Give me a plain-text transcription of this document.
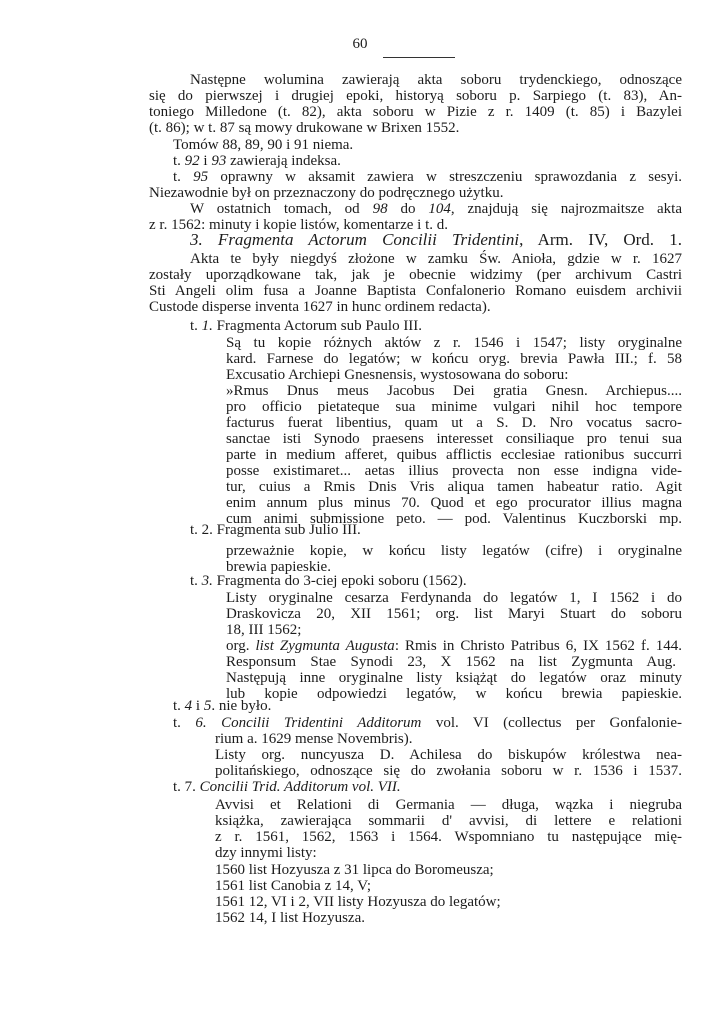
60
Następne wolumina zawierają akta soboru trydenckiego, odnoszące
się do pierwszej i drugiej epoki, historyą soboru p. Sarpiego (t. 83), An-
toniego Milledone (t. 82), akta soboru w Pizie z r. 1409 (t. 85) i Bazylei
(t. 86); w t. 87 są mowy drukowane w Brixen 1552.
Tomów 88, 89, 90 i 91 niema.
t. 92 i 93 zawierają indeksa.
t. 95 oprawny w aksamit zawiera w streszczeniu sprawozdania z sesyi.
Niezawodnie był on przeznaczony do podręcznego użytku.
W ostatnich tomach, od 98 do 104, znajdują się najrozmaitsze akta
z r. 1562: minuty i kopie listów, komentarze i t. d.
3. Fragmenta Actorum Concilii Tridentini, Arm. IV, Ord. 1.
Akta te były niegdyś złożone w zamku Św. Anioła, gdzie w r. 1627
zostały uporządkowane tak, jak je obecnie widzimy (per archivum Castri
Sti Angeli olim fusa a Joanne Baptista Confalonerio Romano euisdem archivii
Custode disperse inventa 1627 in hunc ordinem redacta).
t. 1. Fragmenta Actorum sub Paulo III.
Są tu kopie różnych aktów z r. 1546 i 1547; listy oryginalne
kard. Farnese do legatów; w końcu oryg. brevia Pawła III.; f. 58
Excusatio Archiepi Gnesnensis, wystosowana do soboru:
»Rmus Dnus meus Jacobus Dei gratia Gnesn. Archiepus....
pro officio pietateque sua minime vulgari nihil hoc tempore
facturus fuerat libentius, quam ut a S. D. Nro vocatus sacro-
sanctae isti Synodo praesens interesset consiliaque pro tenui sua
parte in medium afferet, quibus afflictis ecclesiae rationibus succurri
posse existimaret... aetas illius provecta non esse indigna vide-
tur, cuius a Rmis Dnis Vris aliqua tamen habeatur ratio. Agit
enim annum plus minus 70. Quod et ego procurator illius magna
cum animi submissione peto. — pod. Valentinus Kuczborski mp.
t. 2. Fragmenta sub Julio III.
przeważnie kopie, w końcu listy legatów (cifre) i oryginalne
brewia papieskie.
t. 3. Fragmenta do 3-ciej epoki soboru (1562).
Listy oryginalne cesarza Ferdynanda do legatów 1, I 1562 i do
Draskovicza 20, XII 1561; org. list Maryi Stuart do soboru
18, III 1562;
org. list Zygmunta Augusta: Rmis in Christo Patribus 6, IX 1562 f. 144.
Responsum Stae Synodi 23, X 1562 na list Zygmunta Aug.
Następują inne oryginalne listy książąt do legatów oraz minuty
lub kopie odpowiedzi legatów, w końcu brewia papieskie.
t. 4 i 5. nie było.
t. 6. Concilii Tridentini Additorum vol. VI (collectus per Gonfalonie-
rium a. 1629 mense Novembris).
Listy org. nuncyusza D. Achilesa do biskupów królestwa nea-
politańskiego, odnoszące się do zwołania soboru w r. 1536 i 1537.
t. 7. Concilii Trid. Additorum vol. VII.
Avvisi et Relationi di Germania — długa, wązka i niegruba
książka, zawierająca sommarii d' avvisi, di lettere e relationi
z r. 1561, 1562, 1563 i 1564. Wspomniano tu następujące mię-
dzy innymi listy:
1560 list Hozyusza z 31 lipca do Boromeusza;
1561 list Canobia z 14, V;
1561 12, VI i 2, VII listy Hozyusza do legatów;
1562 14, I list Hozyusza.
